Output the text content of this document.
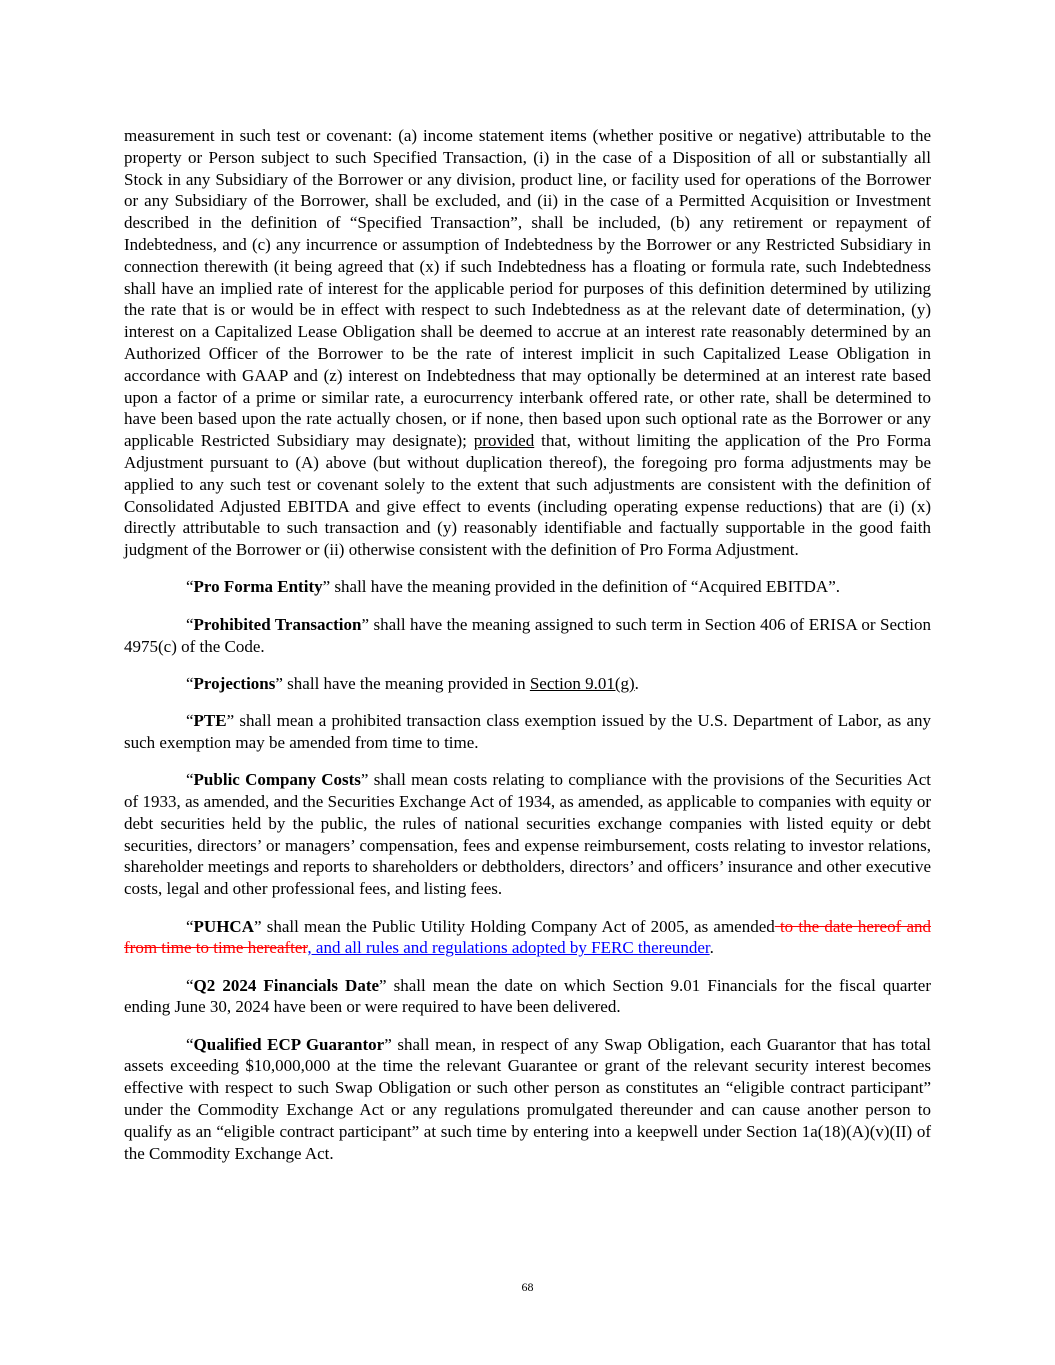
measurement in such test or covenant: (a) income statement items (whether positive or negative) attributable to the property or Person subject to such Specified Transaction, (i) in the case of a Disposition of all or substantially all Stock in any Subsidiary of the Borrower or any division, product line, or facility used for operations of the Borrower or any Subsidiary of the Borrower, shall be excluded, and (ii) in the case of a Permitted Acquisition or Investment described in the definition of “Specified Transaction”, shall be included, (b) any retirement or repayment of Indebtedness, and (c) any incurrence or assumption of Indebtedness by the Borrower or any Restricted Subsidiary in connection therewith (it being agreed that (x) if such Indebtedness has a floating or formula rate, such Indebtedness shall have an implied rate of interest for the applicable period for purposes of this definition determined by utilizing the rate that is or would be in effect with respect to such Indebtedness as at the relevant date of determination, (y) interest on a Capitalized Lease Obligation shall be deemed to accrue at an interest rate reasonably determined by an Authorized Officer of the Borrower to be the rate of interest implicit in such Capitalized Lease Obligation in accordance with GAAP and (z) interest on Indebtedness that may optionally be determined at an interest rate based upon a factor of a prime or similar rate, a eurocurrency interbank offered rate, or other rate, shall be determined to have been based upon the rate actually chosen, or if none, then based upon such optional rate as the Borrower or any applicable Restricted Subsidiary may designate); provided that, without limiting the application of the Pro Forma Adjustment pursuant to (A) above (but without duplication thereof), the foregoing pro forma adjustments may be applied to any such test or covenant solely to the extent that such adjustments are consistent with the definition of Consolidated Adjusted EBITDA and give effect to events (including operating expense reductions) that are (i) (x) directly attributable to such transaction and (y) reasonably identifiable and factually supportable in the good faith judgment of the Borrower or (ii) otherwise consistent with the definition of Pro Forma Adjustment.

“Pro Forma Entity” shall have the meaning provided in the definition of “Acquired EBITDA”.

“Prohibited Transaction” shall have the meaning assigned to such term in Section 406 of ERISA or Section 4975(c) of the Code.

“Projections” shall have the meaning provided in Section 9.01(g).

“PTE” shall mean a prohibited transaction class exemption issued by the U.S. Department of Labor, as any such exemption may be amended from time to time.

“Public Company Costs” shall mean costs relating to compliance with the provisions of the Securities Act of 1933, as amended, and the Securities Exchange Act of 1934, as amended, as applicable to companies with equity or debt securities held by the public, the rules of national securities exchange companies with listed equity or debt securities, directors’ or managers’ compensation, fees and expense reimbursement, costs relating to investor relations, shareholder meetings and reports to shareholders or debtholders, directors’ and officers’ insurance and other executive costs, legal and other professional fees, and listing fees.

“PUHCA” shall mean the Public Utility Holding Company Act of 2005, as amended to the date hereof and from time to time hereafter, and all rules and regulations adopted by FERC thereunder.

“Q2 2024 Financials Date” shall mean the date on which Section 9.01 Financials for the fiscal quarter ending June 30, 2024 have been or were required to have been delivered.

“Qualified ECP Guarantor” shall mean, in respect of any Swap Obligation, each Guarantor that has total assets exceeding $10,000,000 at the time the relevant Guarantee or grant of the relevant security interest becomes effective with respect to such Swap Obligation or such other person as constitutes an “eligible contract participant” under the Commodity Exchange Act or any regulations promulgated thereunder and can cause another person to qualify as an “eligible contract participant” at such time by entering into a keepwell under Section 1a(18)(A)(v)(II) of the Commodity Exchange Act.

68
